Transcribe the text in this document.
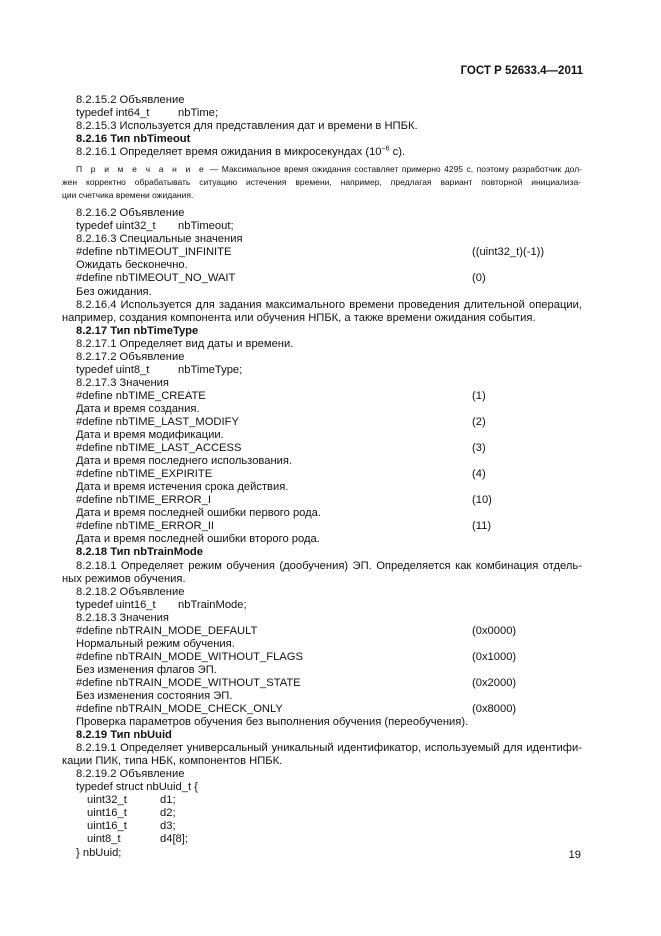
ГОСТ Р 52633.4—2011
8.2.15.2 Объявление
typedef int64_t	nbTime;
8.2.15.3 Используется для представления дат и времени в НПБК.
8.2.16 Тип nbTimeout
8.2.16.1 Определяет время ожидания в микросекундах ($10^{-6}$ с).
П р и м е ч а н и е — Максимальное время ожидания составляет примерно 4295 с, поэтому разработчик дол-
жен корректно обрабатывать ситуацию истечения времени, например, предлагая вариант повторной инициализа-
ции счетчика времени ожидания.
8.2.16.2 Объявление
typedef uint32_t nbTimeout;
8.2.16.3 Специальные значения
#define nbTIMEOUT_INFINITE	((uint32_t)(-1))
Ожидать бесконечно.
#define nbTIMEOUT_NO_WAIT	(0)
Без ожидания.
8.2.16.4 Используется для задания максимального времени проведения длительной операции,
например, создания компонента или обучения НПБК, а также времени ожидания события.
8.2.17 Тип nbTimeType
8.2.17.1 Определяет вид даты и времени.
8.2.17.2 Объявление
typedef uint8_t	nbTimeType;
8.2.17.3 Значения
#define nbTIME_CREATE	(1)
Дата и время создания.
#define nbTIME_LAST_MODIFY	(2)
Дата и время модификации.
#define nbTIME_LAST_ACCESS	(3)
Дата и время последнего использования.
#define nbTIME_EXPIRITE	(4)
Дата и время истечения срока действия.
#define nbTIME_ERROR_I	(10)
Дата и время последней ошибки первого рода.
#define nbTIME_ERROR_II	(11)
Дата и время последней ошибки второго рода.
8.2.18 Тип nbTrainMode
8.2.18.1 Определяет режим обучения (дообучения) ЭП. Определяется как комбинация отдель-
ных режимов обучения.
8.2.18.2 Объявление
typedef uint16_t nbTrainMode;
8.2.18.3 Значения
#define nbTRAIN_MODE_DEFAULT	(0x0000)
Нормальный режим обучения.
#define nbTRAIN_MODE_WITHOUT_FLAGS	(0x1000)
Без изменения флагов ЭП.
#define nbTRAIN_MODE_WITHOUT_STATE	(0x2000)
Без изменения состояния ЭП.
#define nbTRAIN_MODE_CHECK_ONLY	(0x8000)
Проверка параметров обучения без выполнения обучения (переобучения).
8.2.19 Тип nbUuid
8.2.19.1 Определяет универсальный уникальный идентификатор, используемый для идентифи-
кации ПИК, типа НБК, компонентов НПБК.
8.2.19.2 Объявление
typedef struct nbUuid_t {
uint32_t	d1;
uint16_t	d2;
uint16_t	d3;
uint8_t	d4[8];
} nbUuid;	19
